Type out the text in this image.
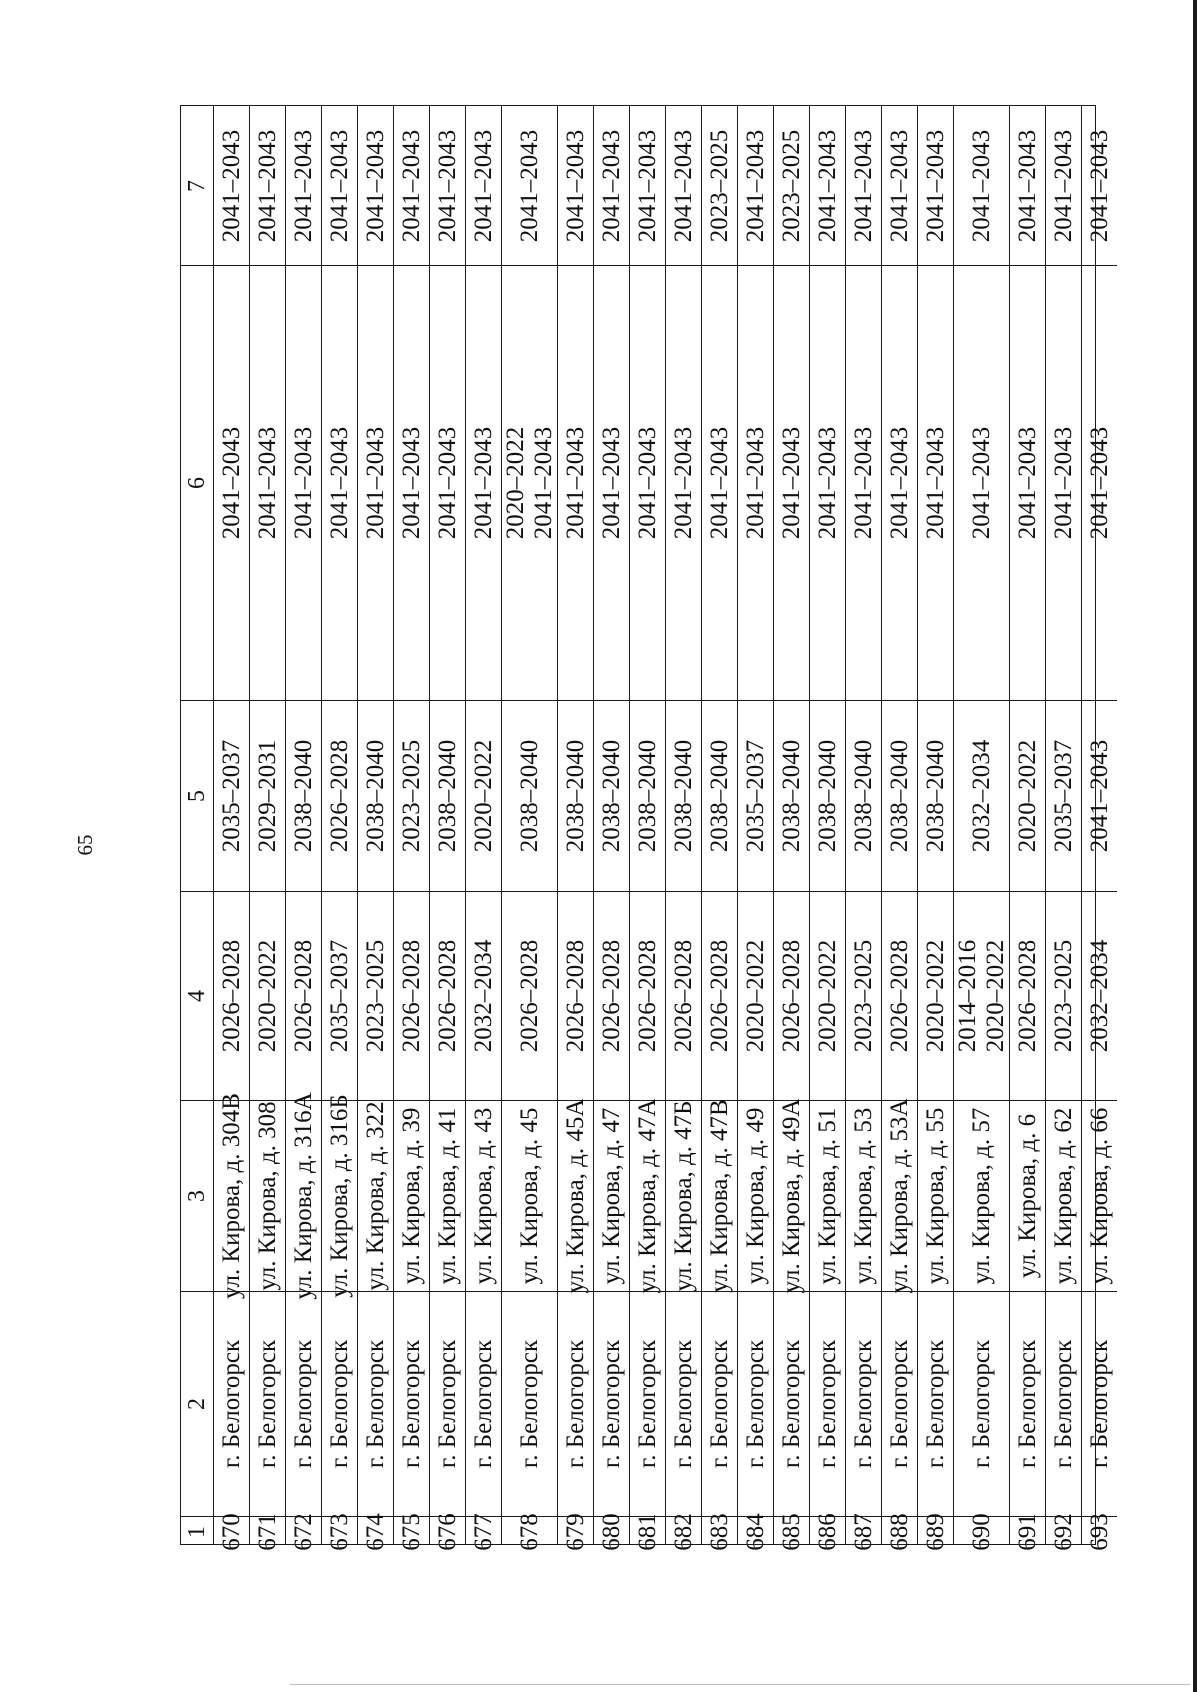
65
7
6
5
4
3
2
1
2041–2043
2041–2043
2035–2037
2026–2028
ул. Кирова, д. 304В
г. Белогорск
670
2041–2043
2041–2043
2029–2031
2020–2022
ул. Кирова, д. 308
г. Белогорск
671
2041–2043
2041–2043
2038–2040
2026–2028
ул. Кирова, д. 316А
г. Белогорск
672
2041–2043
2041–2043
2026–2028
2035–2037
ул. Кирова, д. 316Б
г. Белогорск
673
2041–2043
2041–2043
2038–2040
2023–2025
ул. Кирова, д. 322
г. Белогорск
674
2041–2043
2041–2043
2023–2025
2026–2028
ул. Кирова, д. 39
г. Белогорск
675
2041–2043
2041–2043
2038–2040
2026–2028
ул. Кирова, д. 41
г. Белогорск
676
2041–2043
2041–2043
2020–2022
2032–2034
ул. Кирова, д. 43
г. Белогорск
677
2041–2043
2020–2022 2041–2043
2038–2040
2026–2028
ул. Кирова, д. 45
г. Белогорск
678
2041–2043
2041–2043
2038–2040
2026–2028
ул. Кирова, д. 45А
г. Белогорск
679
2041–2043
2041–2043
2038–2040
2026–2028
ул. Кирова, д. 47
г. Белогорск
680
2041–2043
2041–2043
2038–2040
2026–2028
ул. Кирова, д. 47А
г. Белогорск
681
2041–2043
2041–2043
2038–2040
2026–2028
ул. Кирова, д. 47Б
г. Белогорск
682
2023–2025
2041–2043
2038–2040
2026–2028
ул. Кирова, д. 47В
г. Белогорск
683
2041–2043
2041–2043
2035–2037
2020–2022
ул. Кирова, д. 49
г. Белогорск
684
2023–2025
2041–2043
2038–2040
2026–2028
ул. Кирова, д. 49А
г. Белогорск
685
2041–2043
2041–2043
2038–2040
2020–2022
ул. Кирова, д. 51
г. Белогорск
686
2041–2043
2041–2043
2038–2040
2023–2025
ул. Кирова, д. 53
г. Белогорск
687
2041–2043
2041–2043
2038–2040
2026–2028
ул. Кирова, д. 53А
г. Белогорск
688
2041–2043
2041–2043
2038–2040
2020–2022
ул. Кирова, д. 55
г. Белогорск
689
2041–2043
2041–2043
2032–2034
2014–2016 2020–2022
ул. Кирова, д. 57
г. Белогорск
690
2041–2043
2041–2043
2020–2022
2026–2028
ул. Кирова, д. 6
г. Белогорск
691
2041–2043
2041–2043
2035–2037
2023–2025
ул. Кирова, д. 62
г. Белогорск
692
2041–2043
2041–2043
2041–2043
2032–2034
ул. Кирова, д. 66
г. Белогорск
693
